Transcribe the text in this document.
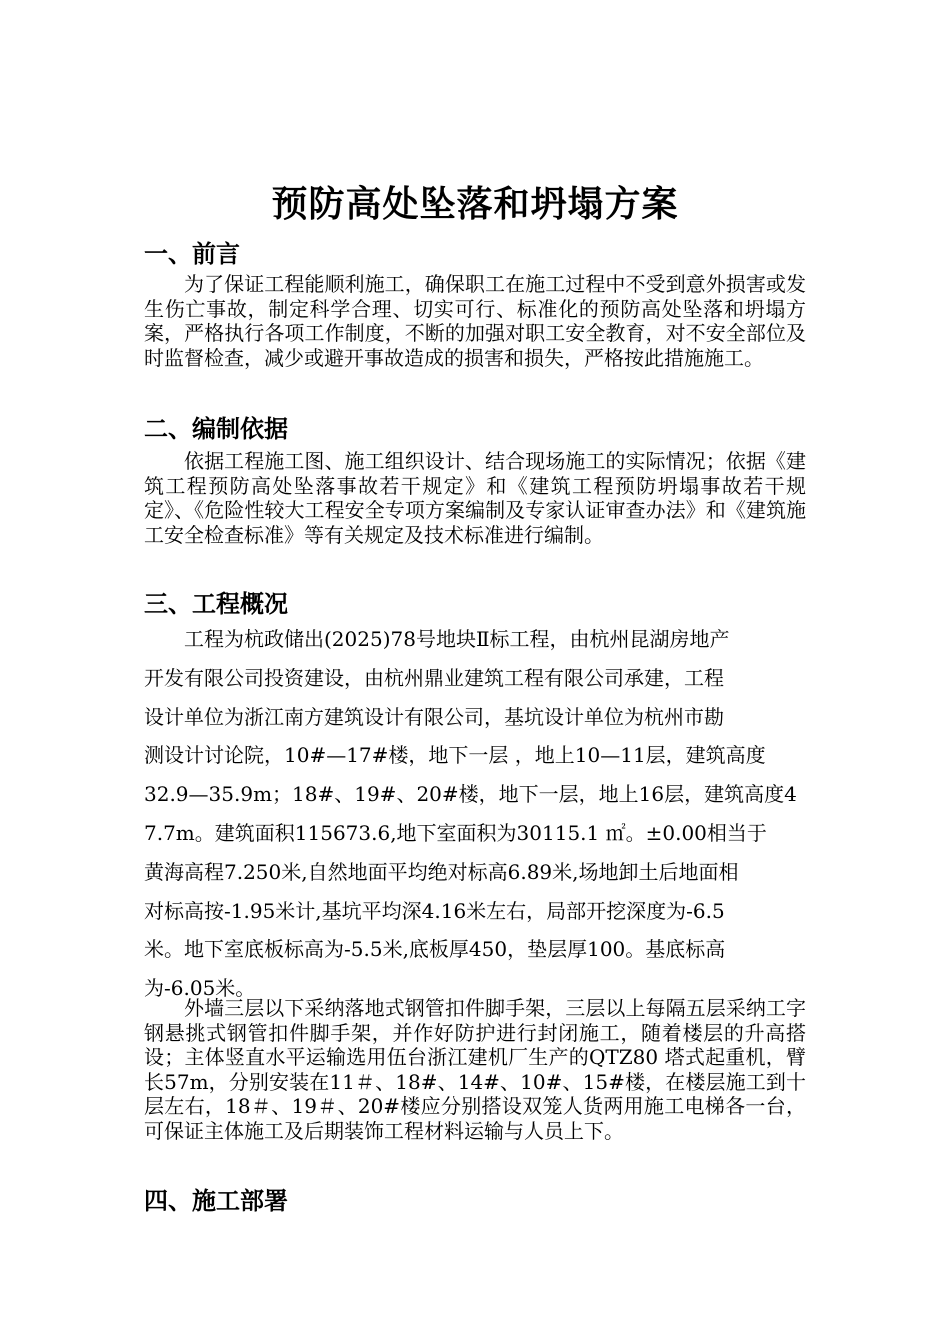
预防高处坠落和坍塌方案
一、前言
为了保证工程能顺利施工，确保职工在施工过程中不受到意外损害或发生伤亡事故，制定科学合理、切实可行、标准化的预防高处坠落和坍塌方案，严格执行各项工作制度，不断的加强对职工安全教育，对不安全部位及时监督检查，减少或避开事故造成的损害和损失，严格按此措施施工。
二、编制依据
依据工程施工图、施工组织设计、结合现场施工的实际情况；依据《建筑工程预防高处坠落事故若干规定》和《建筑工程预防坍塌事故若干规定》、《危险性较大工程安全专项方案编制及专家认证审查办法》和《建筑施工安全检查标准》等有关规定及技术标准进行编制。
三、工程概况
工程为杭政储出(2025)78号地块Ⅱ标工程，由杭州昆湖房地产
开发有限公司投资建设，由杭州鼎业建筑工程有限公司承建，工程
设计单位为浙江南方建筑设计有限公司，基坑设计单位为杭州市勘
测设计讨论院，10#—17#楼，地下一层 ，地上10—11层，建筑高度
32.9—35.9m；18#、19#、20#楼，地下一层，地上16层，建筑高度4
7.7m。建筑面积115673.6,地下室面积为30115.1 ㎡。±0.00相当于
黄海高程7.250米,自然地面平均绝对标高6.89米,场地卸土后地面相
对标高按-1.95米计,基坑平均深4.16米左右，局部开挖深度为-6.5
米。地下室底板标高为-5.5米,底板厚450，垫层厚100。基底标高
为-6.05米。
外墙三层以下采纳落地式钢管扣件脚手架，三层以上每隔五层采纳工字钢悬挑式钢管扣件脚手架，并作好防护进行封闭施工，随着楼层的升高搭设；主体竖直水平运输选用伍台浙江建机厂生产的QTZ80 塔式起重机，臂长57m，分别安装在11＃、18#、14#、10#、15#楼，在楼层施工到十层左右，18＃、19＃、20#楼应分别搭设双笼人货两用施工电梯各一台，可保证主体施工及后期装饰工程材料运输与人员上下。
四、施工部署
